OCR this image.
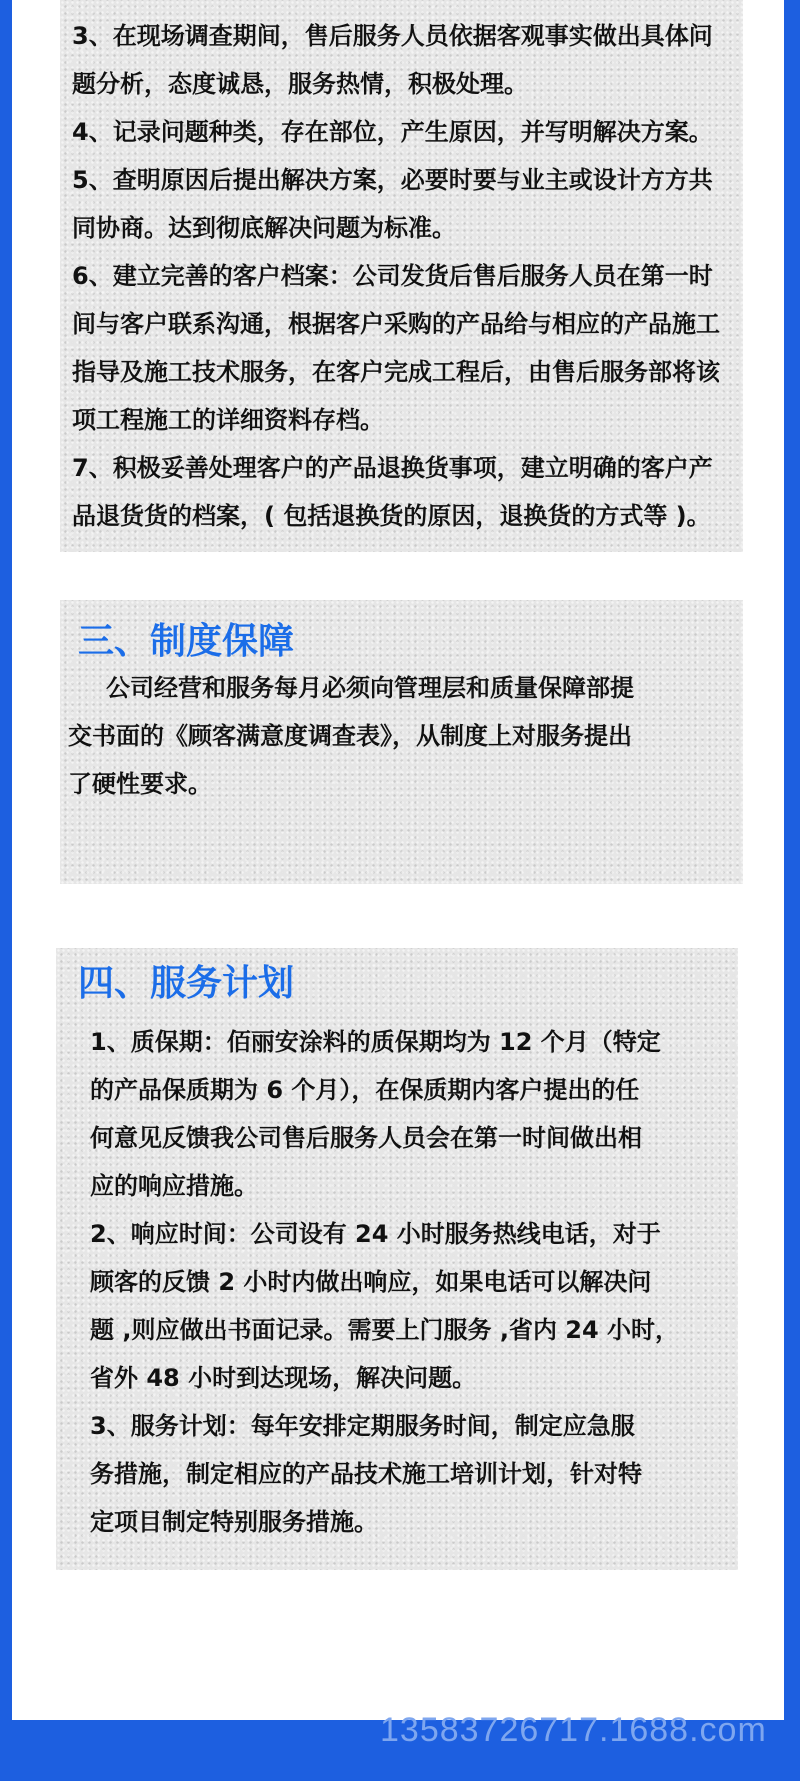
3、在现场调查期间，售后服务人员依据客观事实做出具体问
题分析，态度诚恳，服务热情，积极处理。
4、记录问题种类，存在部位，产生原因，并写明解决方案。
5、查明原因后提出解决方案，必要时要与业主或设计方方共
同协商。达到彻底解决问题为标准。
6、建立完善的客户档案：公司发货后售后服务人员在第一时
间与客户联系沟通，根据客户采购的产品给与相应的产品施工
指导及施工技术服务，在客户完成工程后，由售后服务部将该
项工程施工的详细资料存档。
7、积极妥善处理客户的产品退换货事项，建立明确的客户产
品退货货的档案，( 包括退换货的原因，退换货的方式等 )。
三、制度保障
公司经营和服务每月必须向管理层和质量保障部提
交书面的《顾客满意度调查表》，从制度上对服务提出
了硬性要求。
四、服务计划
1、质保期：佰丽安涂料的质保期均为 12 个月（特定
的产品保质期为 6 个月），在保质期内客户提出的任
何意见反馈我公司售后服务人员会在第一时间做出相
应的响应措施。
2、响应时间：公司设有 24 小时服务热线电话，对于
顾客的反馈 2 小时内做出响应，如果电话可以解决问
题 ,则应做出书面记录。需要上门服务 ,省内 24 小时，
省外 48 小时到达现场，解决问题。
3、服务计划：每年安排定期服务时间，制定应急服
务措施，制定相应的产品技术施工培训计划，针对特
定项目制定特别服务措施。
13583726717.1688.com
